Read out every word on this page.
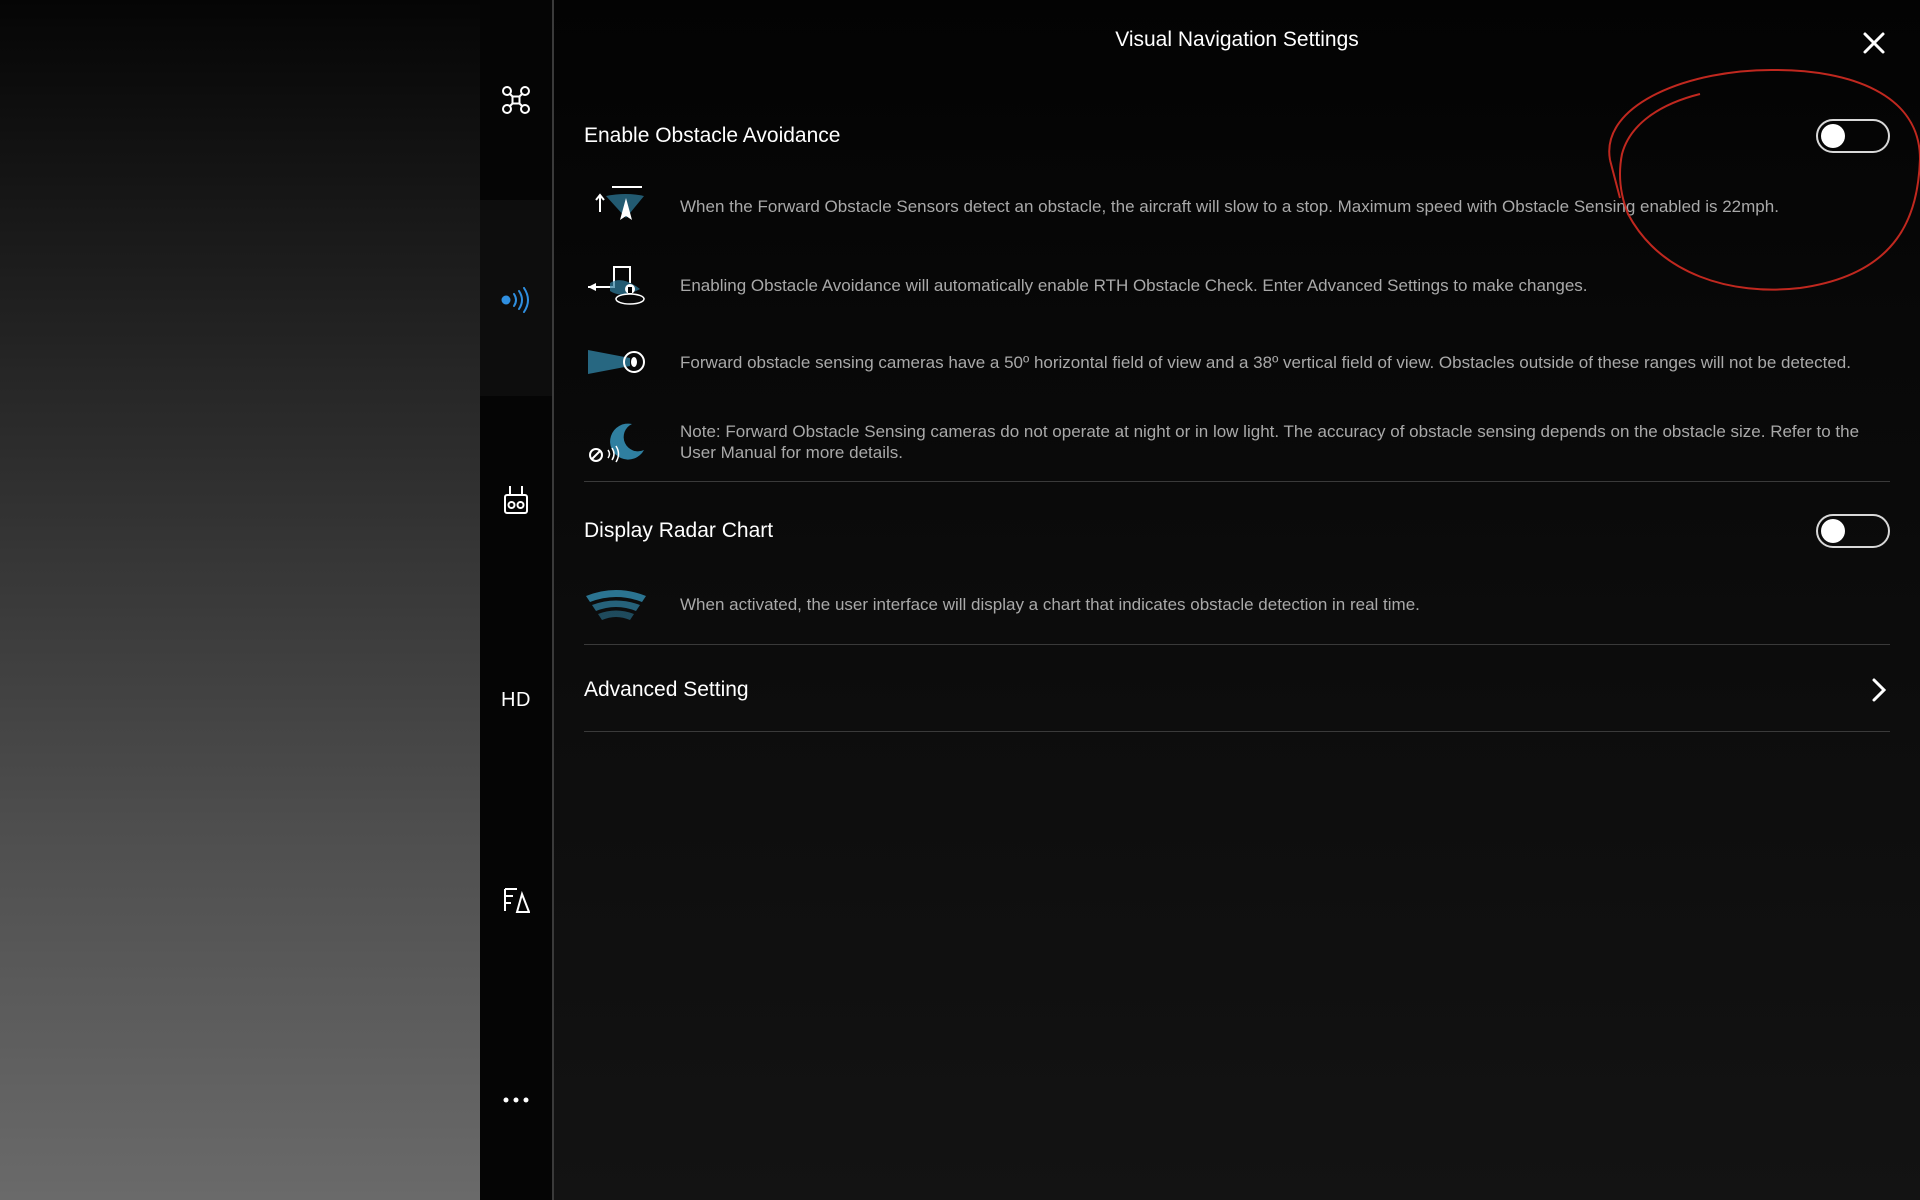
HD
Visual Navigation Settings
Enable Obstacle Avoidance
When the Forward Obstacle Sensors detect an obstacle, the aircraft will slow to a stop. Maximum speed with Obstacle Sensing enabled is 22mph.
Enabling Obstacle Avoidance will automatically enable RTH Obstacle Check. Enter Advanced Settings to make changes.
Forward obstacle sensing cameras have a 50º horizontal field of view and a 38º vertical field of view. Obstacles outside of these ranges will not be detected.
Note: Forward Obstacle Sensing cameras do not operate at night or in low light. The accuracy of obstacle sensing depends on the obstacle size. Refer to the User Manual for more details.
Display Radar Chart
When activated, the user interface will display a chart that indicates obstacle detection in real time.
Advanced Setting
